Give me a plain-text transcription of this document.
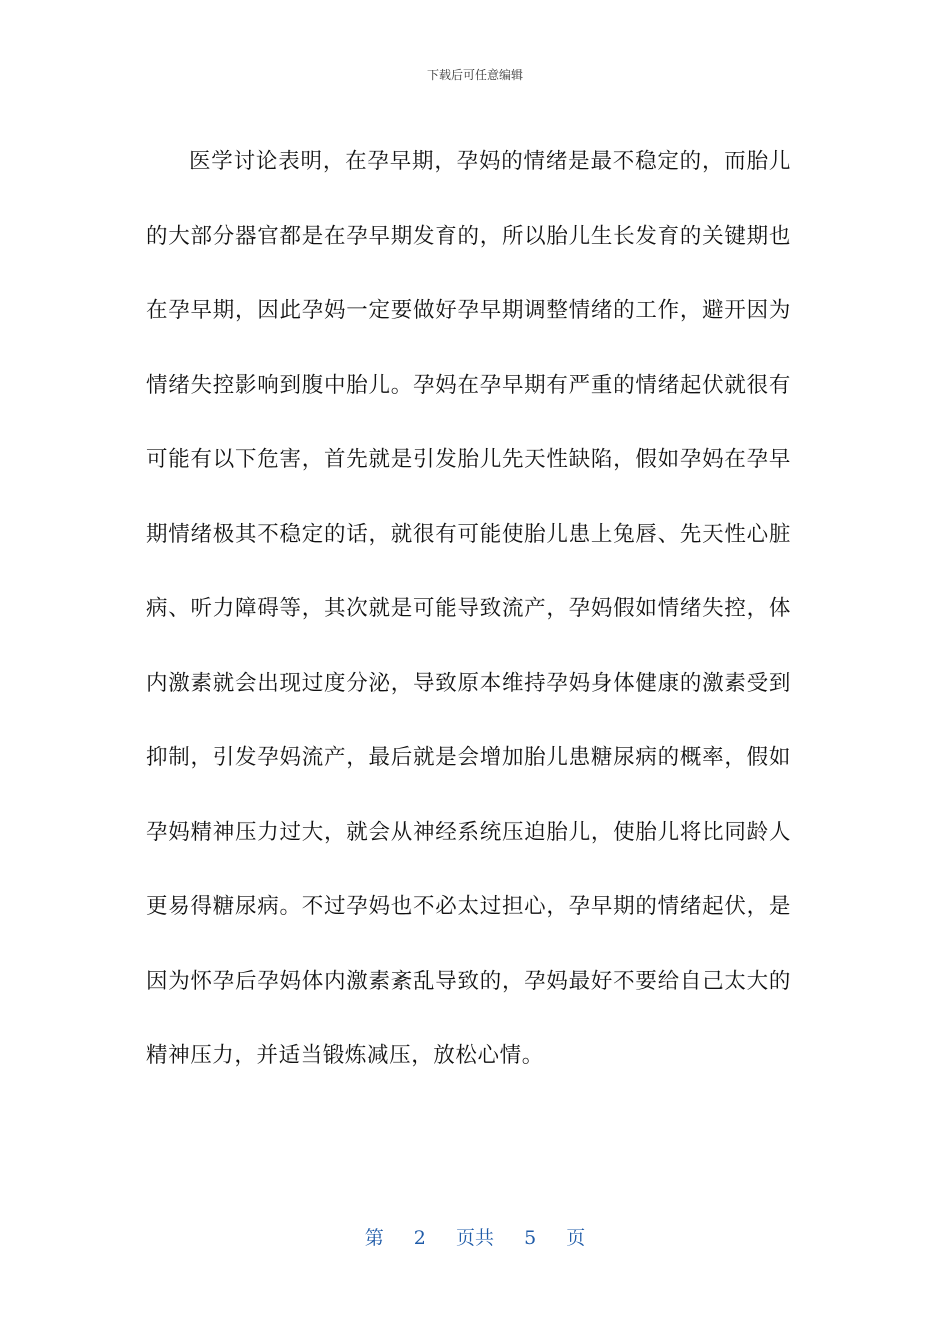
下载后可任意编辑

医学讨论表明，在孕早期，孕妈的情绪是最不稳定的，而胎儿的大部分器官都是在孕早期发育的，所以胎儿生长发育的关键期也在孕早期，因此孕妈一定要做好孕早期调整情绪的工作，避开因为情绪失控影响到腹中胎儿。孕妈在孕早期有严重的情绪起伏就很有可能有以下危害，首先就是引发胎儿先天性缺陷，假如孕妈在孕早期情绪极其不稳定的话，就很有可能使胎儿患上兔唇、先天性心脏病、听力障碍等，其次就是可能导致流产，孕妈假如情绪失控，体内激素就会出现过度分泌，导致原本维持孕妈身体健康的激素受到抑制，引发孕妈流产，最后就是会增加胎儿患糖尿病的概率，假如孕妈精神压力过大，就会从神经系统压迫胎儿，使胎儿将比同龄人更易得糖尿病。不过孕妈也不必太过担心，孕早期的情绪起伏，是因为怀孕后孕妈体内激素紊乱导致的，孕妈最好不要给自己太大的精神压力，并适当锻炼减压，放松心情。

第 2 页共 5 页
